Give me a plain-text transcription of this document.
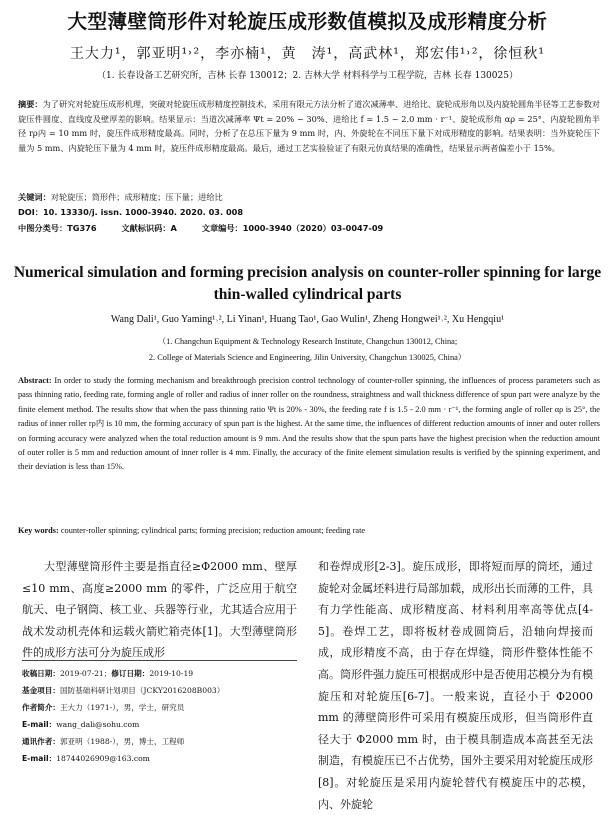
大型薄壁筒形件对轮旋压成形数值模拟及成形精度分析
王大力¹，郭亚明¹˒²，李亦楠¹，黄　涛¹，高武林¹，郑宏伟¹˒²，徐恒秋¹
（1. 长春设备工艺研究所，吉林 长春 130012；2. 吉林大学 材料科学与工程学院，吉林 长春 130025）
摘要：为了研究对轮旋压成形机理，突破对轮旋压成形精度控制技术，采用有限元方法分析了道次减薄率、进给比、旋轮成形角以及内旋轮圆角半径等工艺参数对旋压件圆度、直线度及壁厚差的影响。结果显示：当道次减薄率 Ψt = 20% ~ 30%、进给比 f = 1.5 ~ 2.0 mm · r⁻¹、旋轮成形角 αρ = 25°、内旋轮圆角半径 rρ内 = 10 mm 时，旋压件成形精度最高。同时，分析了在总压下量为 9 mm 时，内、外旋轮在不同压下量下对成形精度的影响。结果表明：当外旋轮压下量为 5 mm、内旋轮压下量为 4 mm 时，旋压件成形精度最高。最后，通过工艺实验验证了有限元仿真结果的准确性，结果显示两者偏差小于 15%。
关键词：对轮旋压；筒形件；成形精度；压下量；进给比
DOI：10. 13330/j. issn. 1000-3940. 2020. 03. 008
中图分类号：TG376	文献标识码：A	文章编号：1000-3940（2020）03-0047-09
Numerical simulation and forming precision analysis on counter-roller spinning for large thin-walled cylindrical parts
Wang Dali¹, Guo Yaming¹˒², Li Yinan¹, Huang Tao¹, Gao Wulin¹, Zheng Hongwei¹˒², Xu Hengqiu¹
（1. Changchun Equipment & Technology Research Institute, Changchun 130012, China;
2. College of Materials Science and Engineering, Jilin University, Changchun 130025, China）
Abstract: In order to study the forming mechanism and breakthrough precision control technology of counter-roller spinning, the influences of process parameters such as pass thinning ratio, feeding rate, forming angle of roller and radius of inner roller on the roundness, straightness and wall thickness difference of spun part were analyze by the finite element method. The results show that when the pass thinning ratio Ψt is 20% - 30%, the feeding rate f is 1.5 - 2.0 mm · r⁻¹, the forming angle of roller αρ is 25°, the radius of inner roller rρ内 is 10 mm, the forming accuracy of spun part is the highest. At the same time, the influences of different reduction amounts of inner and outer rollers on forming accuracy were analyzed when the total reduction amount is 9 mm. And the results show that the spun parts have the highest precision when the reduction amount of outer roller is 5 mm and reduction amount of inner roller is 4 mm. Finally, the accuracy of the finite element simulation results is verified by the spinning experiment, and their deviation is less than 15%.
Key words: counter-roller spinning; cylindrical parts; forming precision; reduction amount; feeding rate

大型薄壁筒形件主要是指直径≥Φ2000 mm、壁厚≤10 mm、高度≥2000 mm 的零件，广泛应用于航空航天、电子钢筒、核工业、兵器等行业，尤其适合应用于战术发动机壳体和运载火箭贮箱壳体[1]。大型薄壁筒形件的成形方法可分为旋压成形

收稿日期：2019-07-21；修订日期：2019-10-19
基金项目：国防基础科研计划项目（JCKY2016208B003）
作者简介：王大力（1971-），男，学士，研究员
E-mail：wang_dali@sohu.com
通讯作者：郭亚明（1988-），男，博士，工程师
E-mail：18744026909@163.com

和卷焊成形[2-3]。旋压成形，即将短而厚的筒坯，通过旋轮对金属坯料进行局部加载，成形出长而薄的工件，具有力学性能高、成形精度高、材料利用率高等优点[4-5]。卷焊工艺，即将板材卷成圆筒后，沿轴向焊接而成，成形精度不高，由于存在焊缝，筒形件整体性能不高。筒形件强力旋压可根据成形中是否使用芯模分为有模旋压和对轮旋压[6-7]。一般来说，直径小于 Φ2000 mm 的薄壁筒形件可采用有模旋压成形，但当筒形件直径大于 Φ2000 mm 时，由于模具制造成本高甚至无法制造，有模旋压已不占优势，国外主要采用对轮旋压成形[8]。对轮旋压是采用内旋轮替代有模旋压中的芯模，内、外旋轮
